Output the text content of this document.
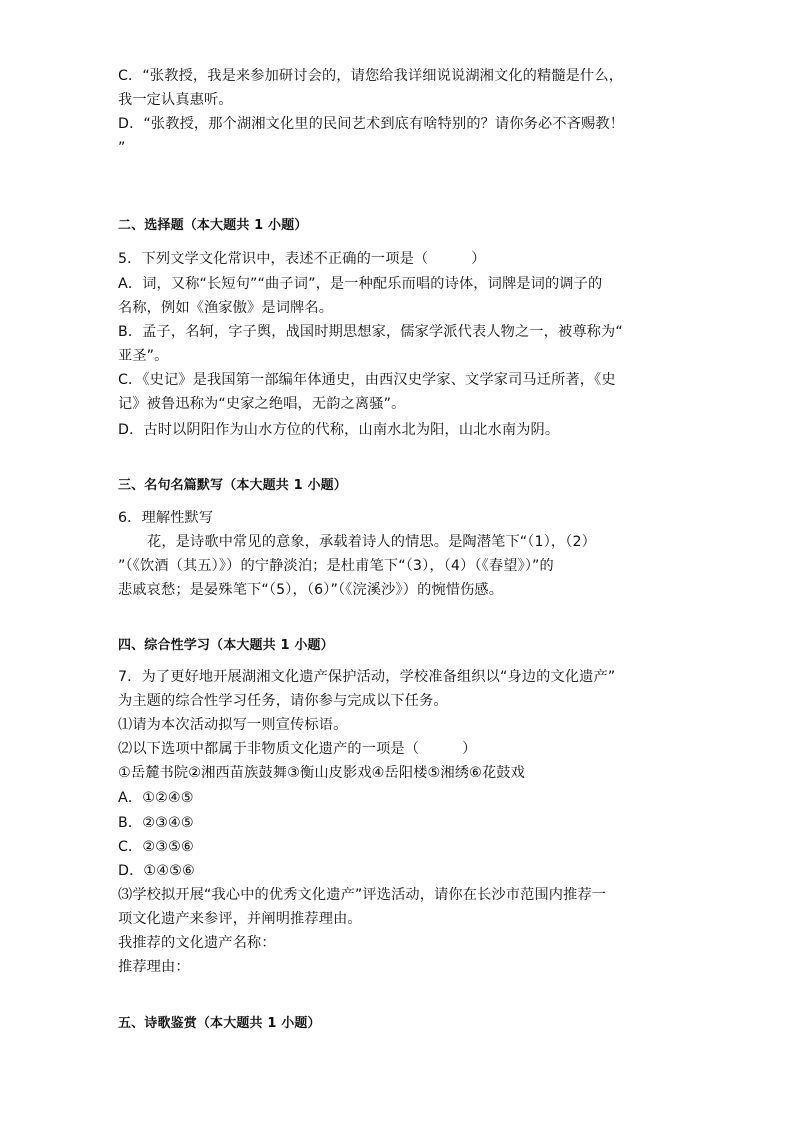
C．“张教授，我是来参加研讨会的，请您给我详细说说湖湘文化的精髓是什么，
我一定认真惠听。
D．“张教授，那个湖湘文化里的民间艺术到底有啥特别的？请你务必不吝赐教！
”
二、选择题（本大题共 1 小题）
5．下列文学文化常识中，表述不正确的一项是（　　　）
A．词，又称“长短句”“曲子词”，是一种配乐而唱的诗体，词牌是词的调子的
名称，例如《渔家傲》是词牌名。
B．孟子，名轲，字子舆，战国时期思想家，儒家学派代表人物之一，被尊称为“
亚圣”。
C．《史记》是我国第一部编年体通史，由西汉史学家、文学家司马迁所著，《史
记》被鲁迅称为“史家之绝唱，无韵之离骚”。
D．古时以阴阳作为山水方位的代称，山南水北为阳，山北水南为阴。
三、名句名篇默写（本大题共 1 小题）
6．理解性默写
花，是诗歌中常见的意象，承载着诗人的情思。是陶潜笔下“（1），（2）
”（《饮酒（其五）》）的宁静淡泊；是杜甫笔下“（3），（4）（《春望》）”的
悲戚哀愁；是晏殊笔下“（5），（6）”（《浣溪沙》）的惋惜伤感。
四、综合性学习（本大题共 1 小题）
7．为了更好地开展湖湘文化遗产保护活动，学校准备组织以“身边的文化遗产”
为主题的综合性学习任务，请你参与完成以下任务。
⑴请为本次活动拟写一则宣传标语。
⑵以下选项中都属于非物质文化遗产的一项是（　　　）
①岳麓书院②湘西苗族鼓舞③衡山皮影戏④岳阳楼⑤湘绣⑥花鼓戏
A．①②④⑤
B．②③④⑤
C．②③⑤⑥
D．①④⑤⑥
⑶学校拟开展“我心中的优秀文化遗产”评选活动，请你在长沙市范围内推荐一
项文化遗产来参评，并阐明推荐理由。
我推荐的文化遗产名称：
推荐理由：
五、诗歌鉴赏（本大题共 1 小题）
